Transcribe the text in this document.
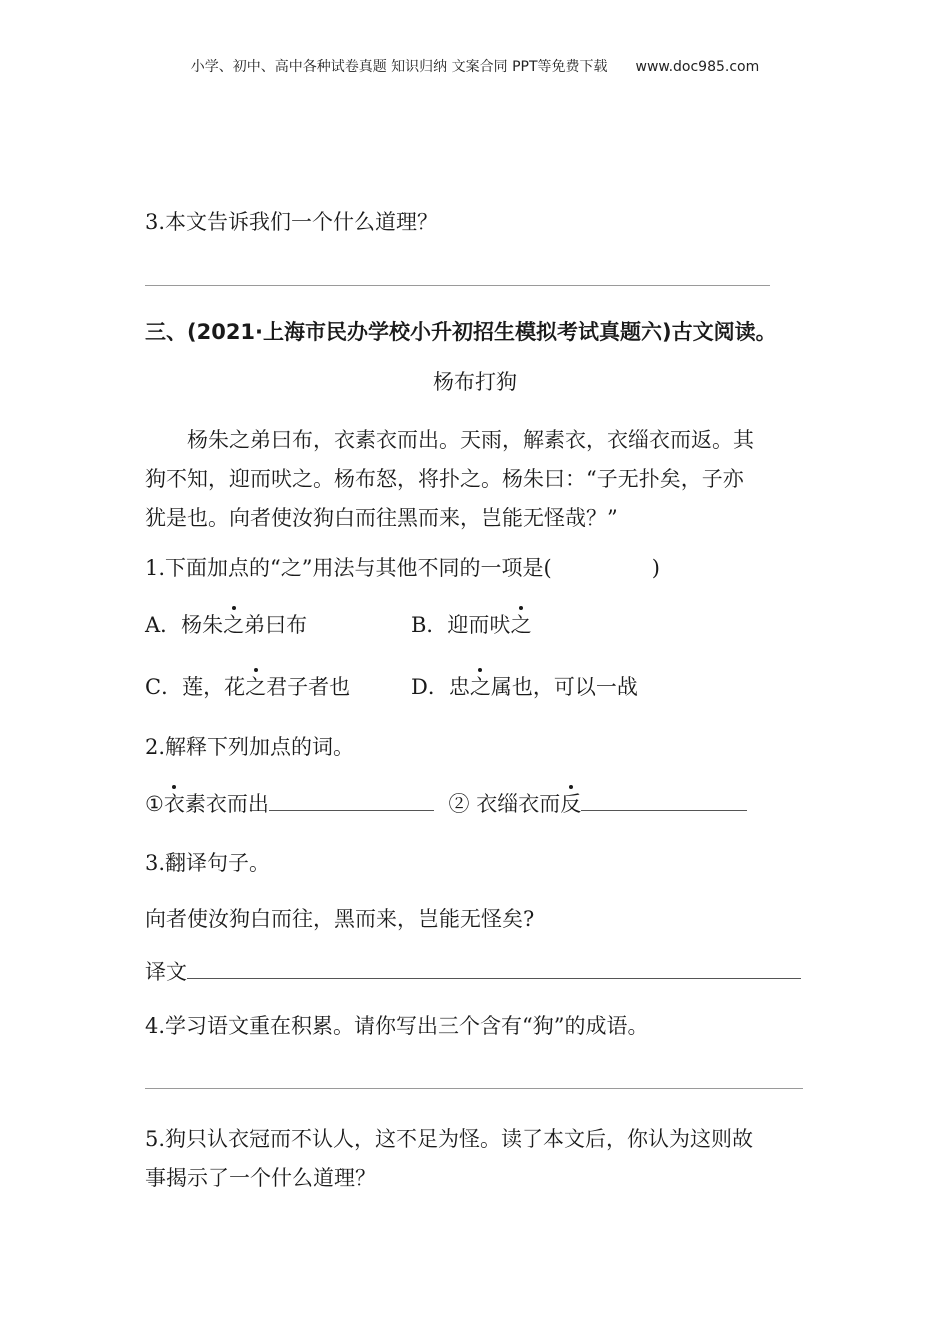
小学、初中、高中各种试卷真题 知识归纳 文案合同 PPT等免费下载 www.doc985.com
3.本文告诉我们一个什么道理？
三、(2021·上海市民办学校小升初招生模拟考试真题六)古文阅读。
杨布打狗
杨朱之弟曰布，衣素衣而出。天雨，解素衣，衣缁衣而返。其
狗不知，迎而吠之。杨布怒，将扑之。杨朱曰：“子无扑矣，子亦
犹是也。向者使汝狗白而往黑而来，岂能无怪哉？”
1.下面加点的“之”用法与其他不同的一项是(	)
A．杨朱之弟曰布	B．迎而吠之
C．莲，花之君子者也	D．忠之属也，可以一战
2.解释下列加点的词。
①衣素衣而出	② 衣缁衣而反
3.翻译句子。
向者使汝狗白而往，黑而来，岂能无怪矣?
译文
4.学习语文重在积累。请你写出三个含有“狗”的成语。
5.狗只认衣冠而不认人，这不足为怪。读了本文后，你认为这则故
事揭示了一个什么道理？
